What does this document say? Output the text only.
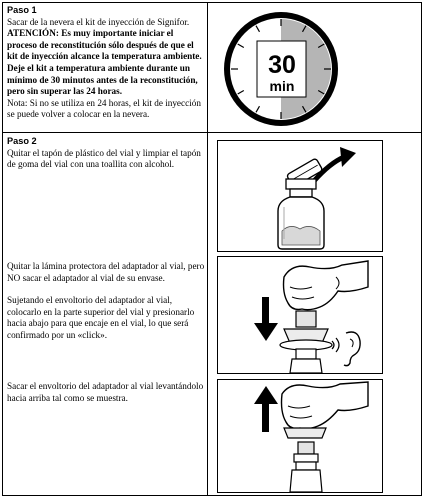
Paso 1

Sacar de la nevera el kit de inyección de Signifor.

ATENCIÓN: Es muy importante iniciar el proceso de reconstitución sólo después de que el kit de inyección alcance la temperatura ambiente. Deje el kit a temperatura ambiente durante un mínimo de 30 minutos antes de la reconstitución, pero sin superar las 24 horas.

Nota: Si no se utiliza en 24 horas, el kit de inyección se puede volver a colocar en la nevera.

30
min

Paso 2

Quitar el tapón de plástico del vial y limpiar el tapón de goma del vial con una toallita con alcohol.

Quitar la lámina protectora del adaptador al vial, pero NO sacar el adaptador al vial de su envase.
Sujetando el envoltorio del adaptador al vial, colocarlo en la parte superior del vial y presionarlo hacia abajo para que encaje en el vial, lo que será confirmado por un «click».
Sacar el envoltorio del adaptador al vial levantándolo hacia arriba tal como se muestra.
